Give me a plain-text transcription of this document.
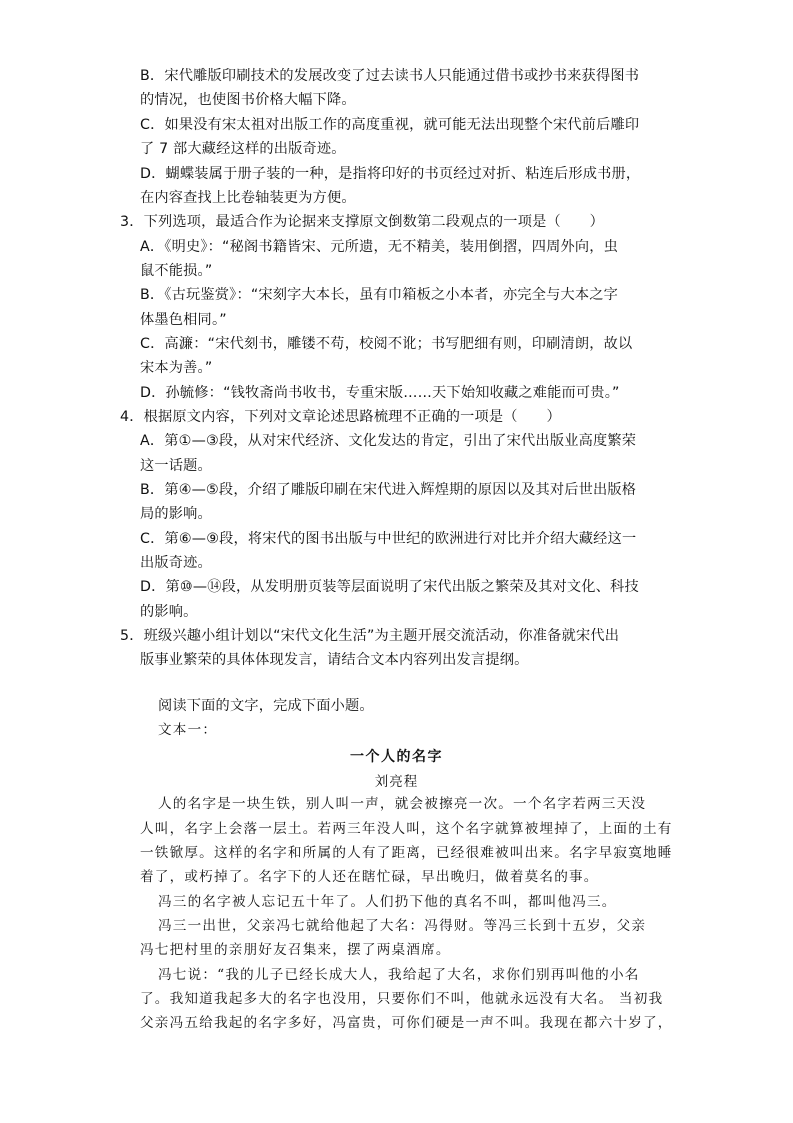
B．宋代雕版印刷技术的发展改变了过去读书人只能通过借书或抄书来获得图书
的情况，也使图书价格大幅下降。
C．如果没有宋太祖对出版工作的高度重视，就可能无法出现整个宋代前后雕印
了 7 部大藏经这样的出版奇迹。
D．蝴蝶装属于册子装的一种，是指将印好的书页经过对折、粘连后形成书册，
在内容查找上比卷轴装更为方便。
3．下列选项，最适合作为论据来支撑原文倒数第二段观点的一项是（　　）
A．《明史》：“秘阁书籍皆宋、元所遗，无不精美，装用倒摺，四周外向，虫
鼠不能损。”
B．《古玩鉴赏》：“宋刻字大本长，虽有巾箱板之小本者，亦完全与大本之字
体墨色相同。”
C．高濂：“宋代刻书，雕镂不苟，校阅不讹；书写肥细有则，印刷清朗，故以
宋本为善。”
D．孙毓修：“钱牧斋尚书收书，专重宋版……天下始知收藏之难能而可贵。”
4．根据原文内容，下列对文章论述思路梳理不正确的一项是（　　）
A．第①—③段，从对宋代经济、文化发达的肯定，引出了宋代出版业高度繁荣
这一话题。
B．第④—⑤段，介绍了雕版印刷在宋代进入辉煌期的原因以及其对后世出版格
局的影响。
C．第⑥—⑨段，将宋代的图书出版与中世纪的欧洲进行对比并介绍大藏经这一
出版奇迹。
D．第⑩—⑭段，从发明册页装等层面说明了宋代出版之繁荣及其对文化、科技
的影响。
5．班级兴趣小组计划以“宋代文化生活”为主题开展交流活动，你准备就宋代出
版事业繁荣的具体体现发言，请结合文本内容列出发言提纲。
阅读下面的文字，完成下面小题。
文本一：
一个人的名字
刘亮程
人的名字是一块生铁，别人叫一声，就会被擦亮一次。一个名字若两三天没
人叫，名字上会落一层土。若两三年没人叫，这个名字就算被埋掉了，上面的土有
一铁锨厚。这样的名字和所属的人有了距离，已经很难被叫出来。名字早寂寞地睡
着了，或朽掉了。名字下的人还在瞎忙碌，早出晚归，做着莫名的事。
冯三的名字被人忘记五十年了。人们扔下他的真名不叫，都叫他冯三。
冯三一出世，父亲冯七就给他起了大名：冯得财。等冯三长到十五岁，父亲
冯七把村里的亲朋好友召集来，摆了两桌酒席。
冯七说：“我的儿子已经长成大人，我给起了大名，求你们别再叫他的小名
了。我知道我起多大的名字也没用，只要你们不叫，他就永远没有大名。 当初我
父亲冯五给我起的名字多好，冯富贵，可你们硬是一声不叫。我现在都六十岁了，
